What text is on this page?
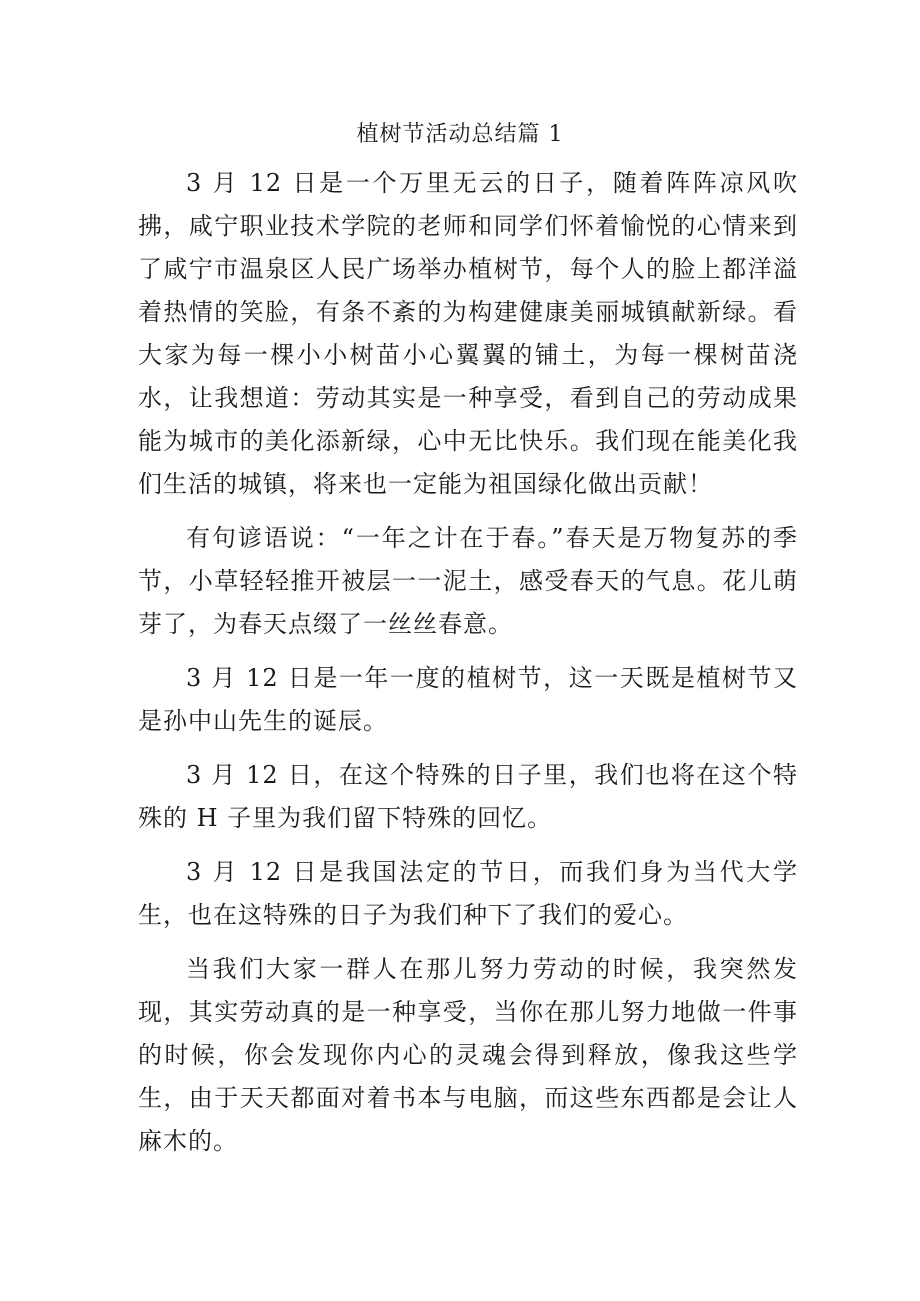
植树节活动总结篇 1

3 月 12 日是一个万里无云的日子，随着阵阵凉风吹拂，咸宁职业技术学院的老师和同学们怀着愉悦的心情来到了咸宁市温泉区人民广场举办植树节，每个人的脸上都洋溢着热情的笑脸，有条不紊的为构建健康美丽城镇献新绿。看大家为每一棵小小树苗小心翼翼的铺土，为每一棵树苗浇水，让我想道：劳动其实是一种享受，看到自己的劳动成果能为城市的美化添新绿，心中无比快乐。我们现在能美化我们生活的城镇，将来也一定能为祖国绿化做出贡献！

有句谚语说：“一年之计在于春。”春天是万物复苏的季节，小草轻轻推开被层一一泥土，感受春天的气息。花儿萌芽了，为春天点缀了一丝丝春意。

3 月 12 日是一年一度的植树节，这一天既是植树节又是孙中山先生的诞辰。

3 月 12 日，在这个特殊的日子里，我们也将在这个特殊的 H 子里为我们留下特殊的回忆。

3 月 12 日是我国法定的节日，而我们身为当代大学生，也在这特殊的日子为我们种下了我们的爱心。

当我们大家一群人在那儿努力劳动的时候，我突然发现，其实劳动真的是一种享受，当你在那儿努力地做一件事的时候，你会发现你内心的灵魂会得到释放，像我这些学生，由于天天都面对着书本与电脑，而这些东西都是会让人麻木的。
